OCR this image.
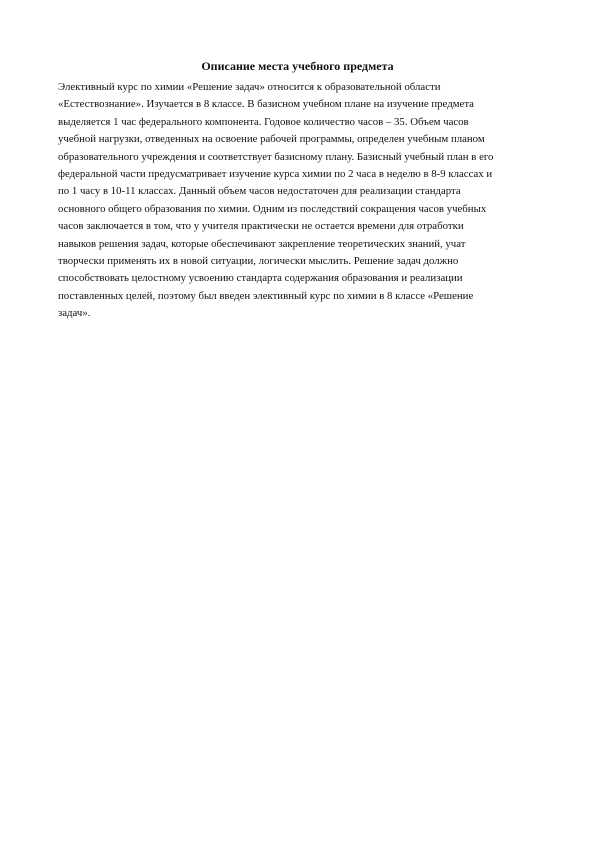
Описание места учебного предмета

Элективный курс по химии «Решение задач» относится к образовательной области
«Естествознание». Изучается в 8 классе. В базисном учебном плане на изучение предмета
выделяется 1 час федерального компонента. Годовое количество часов – 35. Объем часов
учебной нагрузки, отведенных на освоение рабочей программы, определен учебным планом
образовательного учреждения и соответствует базисному плану. Базисный учебный план в его
федеральной части предусматривает изучение курса химии по 2 часа в неделю в 8-9 классах и
по 1 часу в 10-11 классах. Данный объем часов недостаточен для реализации стандарта
основного общего образования по химии. Одним из последствий сокращения часов учебных
часов заключается в том, что у учителя практически не остается времени для отработки
навыков решения задач, которые обеспечивают закрепление теоретических знаний, учат
творчески применять их в новой ситуации, логически мыслить. Решение задач должно
способствовать целостному усвоению стандарта содержания образования и реализации
поставленных целей, поэтому был введен элективный курс по химии в 8 классе «Решение
задач».
